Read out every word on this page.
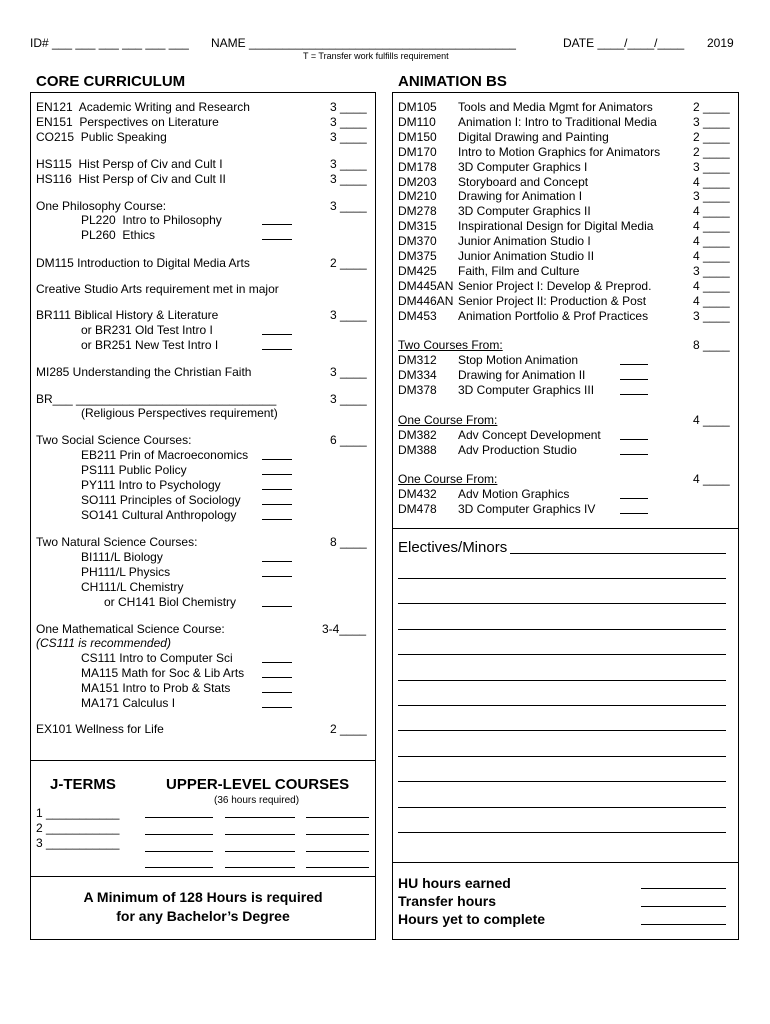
ID# ___ ___ ___ ___ ___ ___ NAME ________________________________________	DATE ____/____/____ 2019
T = Transfer work fulfills requirement
CORE CURRICULUM	ANIMATION BS
EN121 Academic Writing and Research	3 ____
EN151 Perspectives on Literature	3 ____
CO215 Public Speaking	3 ____
HS115 Hist Persp of Civ and Cult I	3 ____
HS116 Hist Persp of Civ and Cult II	3 ____
One Philosophy Course:	3 ____
PL220 Intro to Philosophy
PL260 Ethics
DM115 Introduction to Digital Media Arts	2 ____
Creative Studio Arts requirement met in major
BR111 Biblical History & Literature	3 ____
or BR231 Old Test Intro I
or BR251 New Test Intro I
MI285 Understanding the Christian Faith	3 ____
BR___ ______________________________	3 ____
(Religious Perspectives requirement)
Two Social Science Courses:	6 ____
EB211 Prin of Macroeconomics
PS111 Public Policy
PY111 Intro to Psychology
SO111 Principles of Sociology
SO141 Cultural Anthropology
Two Natural Science Courses:	8 ____
BI111/L Biology
PH111/L Physics
CH111/L Chemistry
or CH141 Biol Chemistry
One Mathematical Science Course:	3-4____
(CS111 is recommended)
CS111 Intro to Computer Sci
MA115 Math for Soc & Lib Arts
MA151 Intro to Prob & Stats
MA171 Calculus I
EX101 Wellness for Life	2 ____
J-TERMS	UPPER-LEVEL COURSES
(36 hours required)
1 ___________
2 ___________
3 ___________
A Minimum of 128 Hours is required
for any Bachelor’s Degree
DM105 Tools and Media Mgmt for Animators	2 ____
DM110 Animation I: Intro to Traditional Media	3 ____
DM150 Digital Drawing and Painting	2 ____
DM170 Intro to Motion Graphics for Animators	2 ____
DM178 3D Computer Graphics I	3 ____
DM203 Storyboard and Concept	4 ____
DM210 Drawing for Animation I	3 ____
DM278 3D Computer Graphics II	4 ____
DM315 Inspirational Design for Digital Media	4 ____
DM370 Junior Animation Studio I	4 ____
DM375 Junior Animation Studio II	4 ____
DM425 Faith, Film and Culture	3 ____
DM445AN Senior Project I: Develop & Preprod.	4 ____
DM446AN Senior Project II: Production & Post	4 ____
DM453 Animation Portfolio & Prof Practices	3 ____
Two Courses From:	8 ____
DM312 Stop Motion Animation
DM334 Drawing for Animation II
DM378 3D Computer Graphics III
One Course From:	4 ____
DM382 Adv Concept Development
DM388 Adv Production Studio
One Course From:	4 ____
DM432 Adv Motion Graphics
DM478 3D Computer Graphics IV
Electives/Minors
HU hours earned
Transfer hours
Hours yet to complete
